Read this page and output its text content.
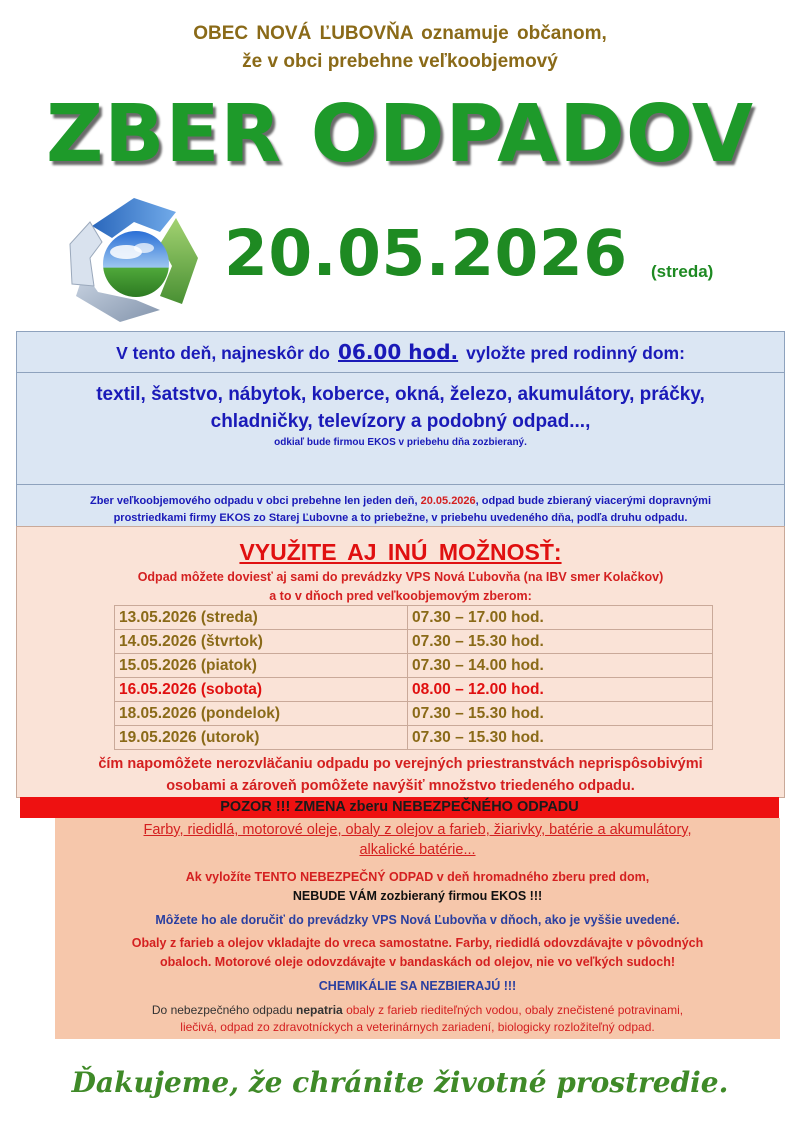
OBEC NOVÁ ĽUBOVŇA oznamuje občanom,
že v obci prebehne veľkoobjemový
ZBER ODPADOV
20.05.2026 (streda)
V tento deň, najneskôr do 06.00 hod. vyložte pred rodinný dom:
textil, šatstvo, nábytok, koberce, okná, železo, akumulátory, práčky,
chladničky, televízory a podobný odpad...,
odkiaľ bude firmou EKOS v priebehu dňa zozbieraný.
Zber veľkoobjemového odpadu v obci prebehne len jeden deň, 20.05.2026, odpad bude zbieraný viacerými dopravnými
prostriedkami firmy EKOS zo Starej Ľubovne a to priebežne, v priebehu uvedeného dňa, podľa druhu odpadu.
VYUŽITE AJ INÚ MOŽNOSŤ:
Odpad môžete doviesť aj sami do prevádzky VPS Nová Ľubovňa (na IBV smer Kolačkov)
a to v dňoch pred veľkoobjemovým zberom:
13.05.2026 (streda)	07.30 – 17.00 hod.
14.05.2026 (štvrtok)	07.30 – 15.30 hod.
15.05.2026 (piatok)	07.30 – 14.00 hod.
16.05.2026 (sobota)	08.00 – 12.00 hod.
18.05.2026 (pondelok)	07.30 – 15.30 hod.
19.05.2026 (utorok)	07.30 – 15.30 hod.
čím napomôžete nerozvläčaniu odpadu po verejných priestranstvách neprispôsobivými
osobami a zároveň pomôžete navýšiť množstvo triedeného odpadu.
POZOR !!! ZMENA zberu NEBEZPEČNÉHO ODPADU
Farby, riedidlá, motorové oleje, obaly z olejov a farieb, žiarivky, batérie a akumulátory,
alkalické batérie...
Ak vyložíte TENTO NEBEZPEČNÝ ODPAD v deň hromadného zberu pred dom,
NEBUDE VÁM zozbieraný firmou EKOS !!!
Môžete ho ale doručiť do prevádzky VPS Nová Ľubovňa v dňoch, ako je vyššie uvedené.
Obaly z farieb a olejov vkladajte do vreca samostatne. Farby, riedidlá odovzdávajte v pôvodných
obaloch. Motorové oleje odovzdávajte v bandaskách od olejov, nie vo veľkých sudoch!
CHEMIKÁLIE SA NEZBIERAJÚ !!!
Do nebezpečného odpadu nepatria obaly z farieb riediteľných vodou, obaly znečistené potravinami,
liečivá, odpad zo zdravotníckych a veterinárnych zariadení, biologicky rozložiteľný odpad.
Ďakujeme, že chránite životné prostredie.
